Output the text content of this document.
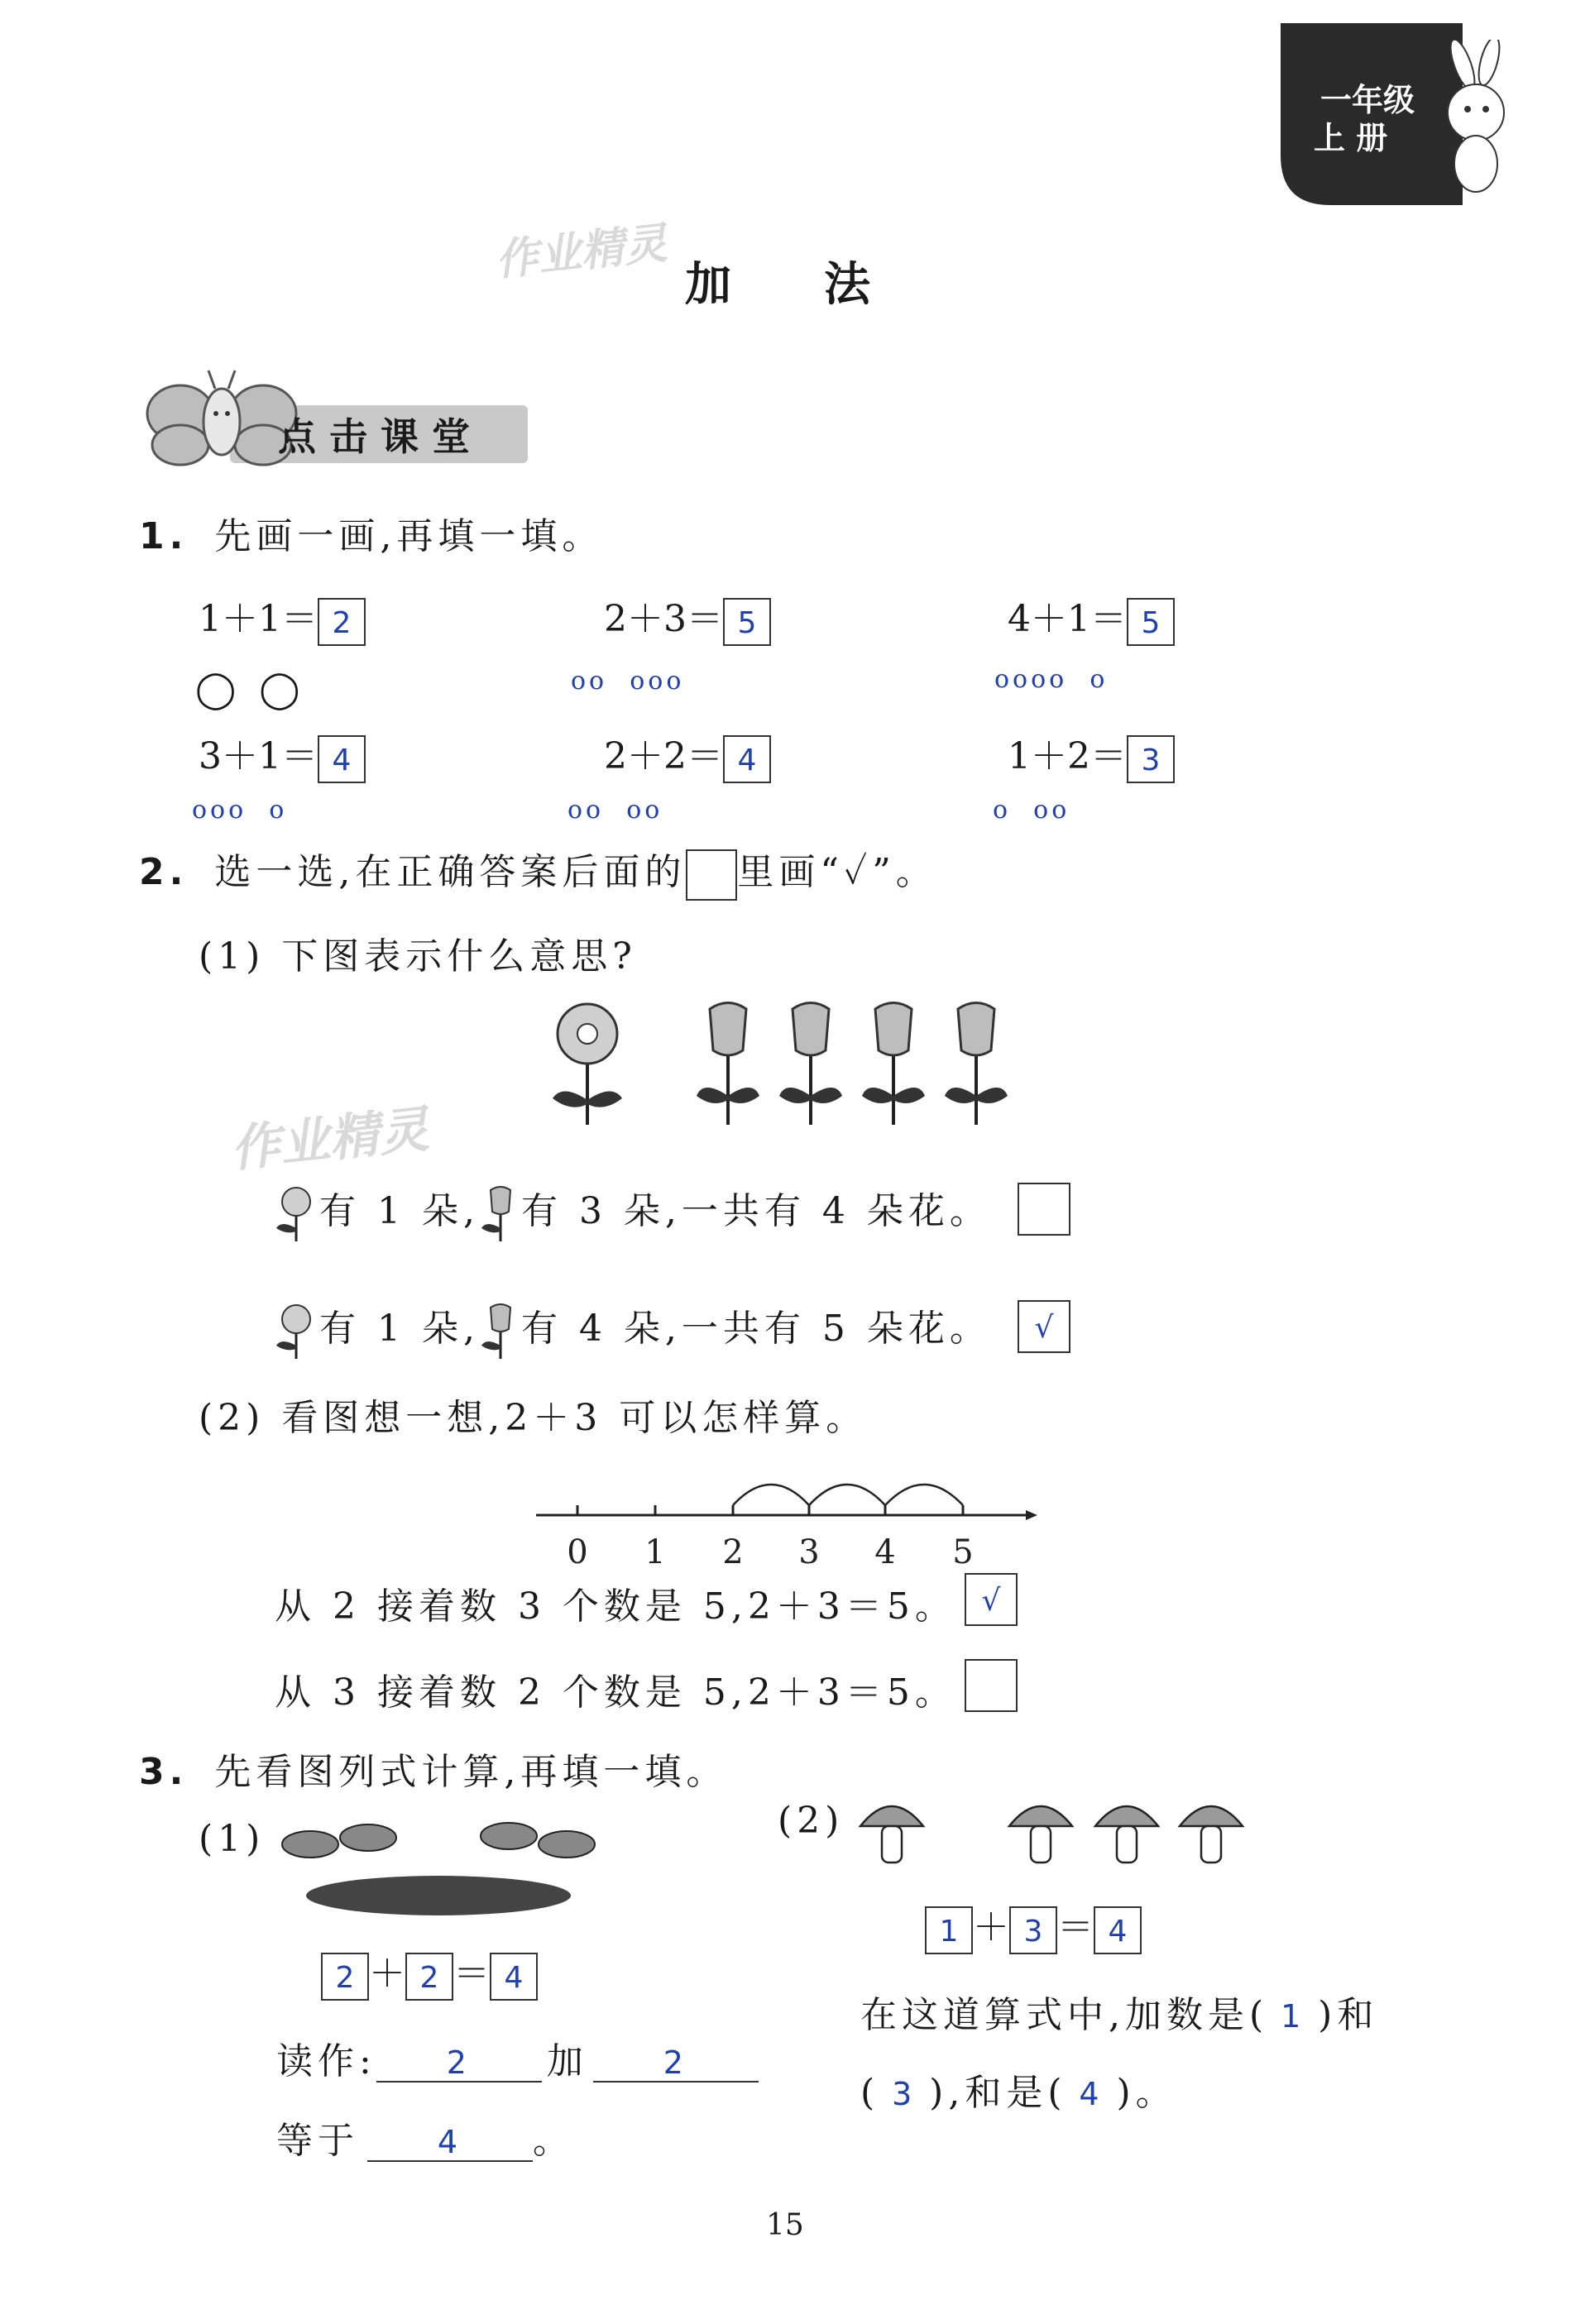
一年级
上 册
作业精灵
作业精灵
加　　法
点 击 课 堂
1. 先画一画,再填一填。
1＋1＝ 2	2＋3＝ 5	4＋1＝ 5
◯  ◯	oo  ooo	oooo  o
3＋1＝ 4	2＋2＝ 4	1＋2＝ 3
ooo  o	oo  oo	o  oo
2. 选一选,在正确答案后面的 里画“✓”。
(1) 下图表示什么意思?
有 1 朵, 有 3 朵,一共有 4 朵花。
有 1 朵, 有 4 朵,一共有 5 朵花。	√
(2) 看图想一想,2＋3 可以怎样算。
0 1 2 3 4 5
从 2 接着数 3 个数是 5,2＋3＝5。 √
从 3 接着数 2 个数是 5,2＋3＝5。
3. 先看图列式计算,再填一填。
(1)
2 ＋ 2 ＝ 4
读作: 2 加 2
等于 4 。
(2)
1 ＋ 3 ＝ 4
在这道算式中,加数是( 1 )和
( 3 ),和是( 4 )。
15
